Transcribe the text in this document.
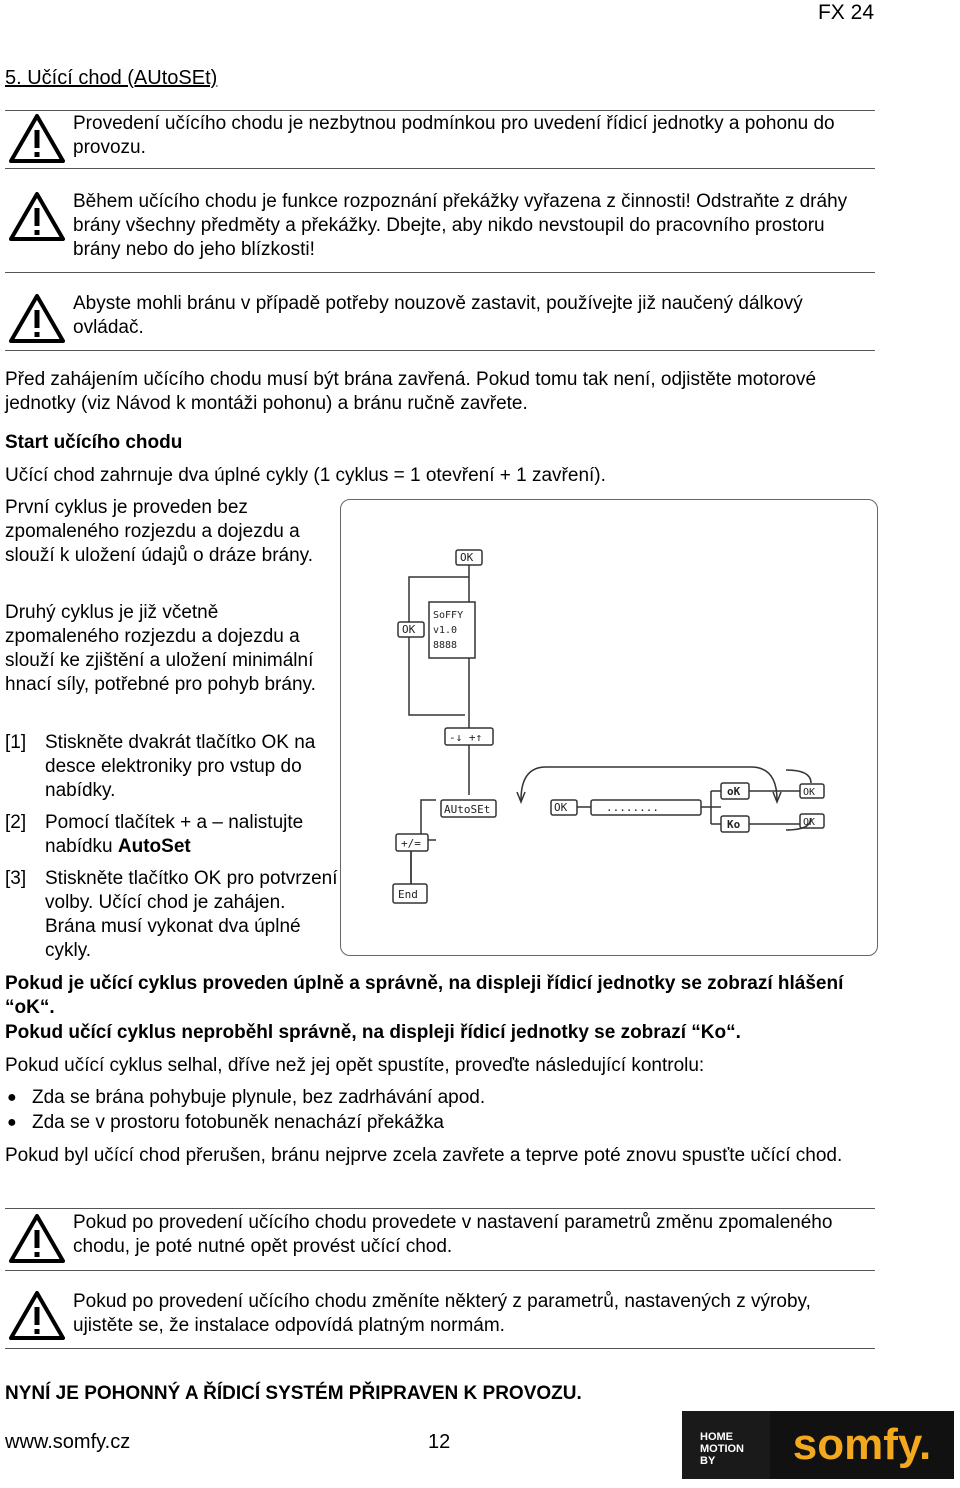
FX 24
5. Učící chod (AUtoSEt)
Provedení učícího chodu je nezbytnou podmínkou pro uvedení řídicí jednotky a pohonu do provozu.
Během učícího chodu je funkce rozpoznání překážky vyřazena z činnosti! Odstraňte z dráhy brány všechny předměty a překážky. Dbejte, aby nikdo nevstoupil do pracovního prostoru brány nebo do jeho blízkosti!
Abyste mohli bránu v případě potřeby nouzově zastavit, používejte již naučený dálkový ovládač.
Před zahájením učícího chodu musí být brána zavřená. Pokud tomu tak není, odjistěte motorové jednotky (viz Návod k montáži pohonu) a bránu ručně zavřete.
Start učícího chodu
Učící chod zahrnuje dva úplné cykly (1 cyklus = 1 otevření + 1 zavření).
První cyklus je proveden bez zpomaleného rozjezdu a dojezdu a slouží k uložení údajů o dráze brány.
Druhý cyklus je již včetně zpomaleného rozjezdu a dojezdu a slouží ke zjištění a uložení minimální hnací síly, potřebné pro pohyb brány.
[1] Stiskněte dvakrát tlačítko OK na desce elektroniky pro vstup do nabídky.
[2] Pomocí tlačítek + a – nalistujte nabídku AutoSet
[3] Stiskněte tlačítko OK pro potvrzení volby. Učící chod je zahájen. Brána musí vykonat dva úplné cykly.
OK
OK
SoFFY
v1.0
8888
-↓ +↑
AUtoSEt	OK	........
oK
Ko
OK
OK
+/=
End
Pokud je učící cyklus proveden úplně a správně, na displeji řídicí jednotky se zobrazí hlášení “oK“.
Pokud učící cyklus neproběhl správně, na displeji řídicí jednotky se zobrazí “Ko“.
Pokud učící cyklus selhal, dříve než jej opět spustíte, proveďte následující kontrolu:
● Zda se brána pohybuje plynule, bez zadrhávání apod.
● Zda se v prostoru fotobuněk nenachází překážka
Pokud byl učící chod přerušen, bránu nejprve zcela zavřete a teprve poté znovu spusťte učící chod.
Pokud po provedení učícího chodu provedete v nastavení parametrů změnu zpomaleného chodu, je poté nutné opět provést učící chod.
Pokud po provedení učícího chodu změníte některý z parametrů, nastavených z výroby, ujistěte se, že instalace odpovídá platným normám.
NYNÍ JE POHONNÝ A ŘÍDICÍ SYSTÉM PŘIPRAVEN K PROVOZU.
www.somfy.cz	12	HOME MOTION BY	somfy.
